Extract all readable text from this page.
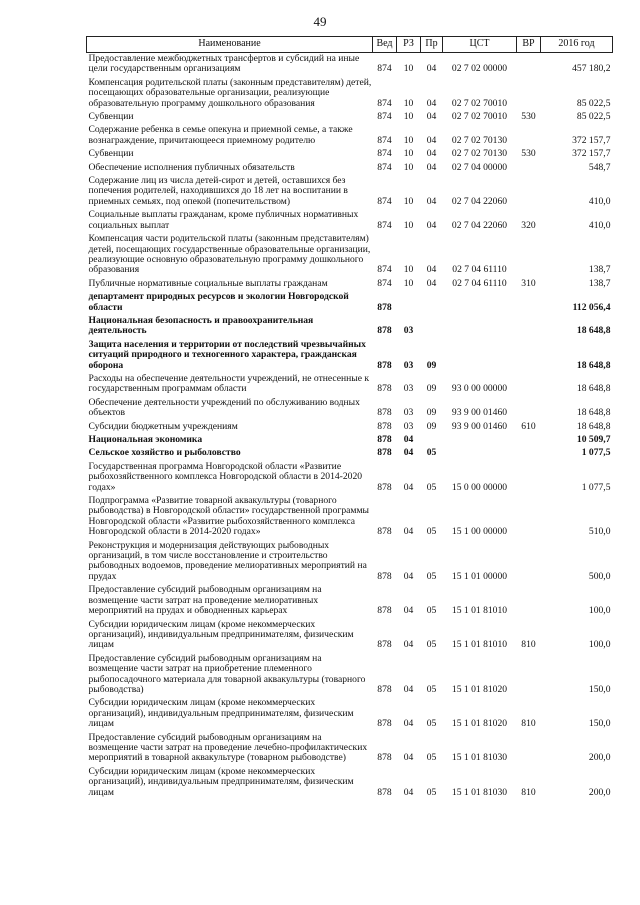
49
Наименование	Вед	РЗ	Пр	ЦСТ	ВР	2016 год
Предоставление межбюджетных трансфертов и субсидий на иные цели государственным организациям	874	10	04	02 7 02 00000		457 180,2
Компенсация родительской платы (законным представителям) детей, посещающих образовательные организации, реализующие образовательную программу дошкольного образования	874	10	04	02 7 02 70010		85 022,5
Субвенции	874	10	04	02 7 02 70010	530	85 022,5
Содержание ребенка в семье опекуна и приемной семье, а также вознаграждение, причитающееся приемному родителю	874	10	04	02 7 02 70130		372 157,7
Субвенции	874	10	04	02 7 02 70130	530	372 157,7
Обеспечение исполнения публичных обязательств	874	10	04	02 7 04 00000		548,7
Содержание лиц из числа детей-сирот и детей, оставшихся без попечения родителей, находившихся до 18 лет на воспитании в приемных семьях, под опекой (попечительством)	874	10	04	02 7 04 22060		410,0
Социальные выплаты гражданам, кроме публичных нормативных социальных выплат	874	10	04	02 7 04 22060	320	410,0
Компенсация части родительской платы (законным представителям) детей, посещающих государственные образовательные организации, реализующие основную образовательную программу дошкольного образования	874	10	04	02 7 04 61110		138,7
Публичные нормативные социальные выплаты гражданам	874	10	04	02 7 04 61110	310	138,7
департамент природных ресурсов и экологии Новгородской области	878					112 056,4
Национальная безопасность и правоохранительная деятельность	878	03				18 648,8
Защита населения и территории от последствий чрезвычайных ситуаций природного и техногенного характера, гражданская оборона	878	03	09			18 648,8
Расходы на обеспечение деятельности учреждений, не отнесенные к государственным программам области	878	03	09	93 0 00 00000		18 648,8
Обеспечение деятельности учреждений по обслуживанию водных объектов	878	03	09	93 9 00 01460		18 648,8
Субсидии бюджетным учреждениям	878	03	09	93 9 00 01460	610	18 648,8
Национальная экономика	878	04				10 509,7
Сельское хозяйство и рыболовство	878	04	05			1 077,5
Государственная программа Новгородской области «Развитие рыбохозяйственного комплекса Новгородской области в 2014-2020 годах»	878	04	05	15 0 00 00000		1 077,5
Подпрограмма «Развитие товарной аквакультуры (товарного рыбоводства) в Новгородской области» государственной программы Новгородской области «Развитие рыбохозяйственного комплекса Новгородской области в 2014-2020 годах»	878	04	05	15 1 00 00000		510,0
Реконструкция и модернизация действующих рыбоводных организаций, в том числе восстановление и строительство рыбоводных водоемов, проведение мелиоративных мероприятий на прудах	878	04	05	15 1 01 00000		500,0
Предоставление субсидий рыбоводным организациям на возмещение части затрат на проведение мелиоративных мероприятий на прудах и обводненных карьерах	878	04	05	15 1 01 81010		100,0
Субсидии юридическим лицам (кроме некоммерческих организаций), индивидуальным предпринимателям, физическим лицам	878	04	05	15 1 01 81010	810	100,0
Предоставление субсидий рыбоводным организациям на возмещение части затрат на приобретение племенного рыбопосадочного материала для товарной аквакультуры (товарного рыбоводства)	878	04	05	15 1 01 81020		150,0
Субсидии юридическим лицам (кроме некоммерческих организаций), индивидуальным предпринимателям, физическим лицам	878	04	05	15 1 01 81020	810	150,0
Предоставление субсидий рыбоводным организациям на возмещение части затрат на проведение лечебно-профилактических мероприятий в товарной аквакультуре (товарном рыбоводстве)	878	04	05	15 1 01 81030		200,0
Субсидии юридическим лицам (кроме некоммерческих организаций), индивидуальным предпринимателям, физическим лицам	878	04	05	15 1 01 81030	810	200,0
